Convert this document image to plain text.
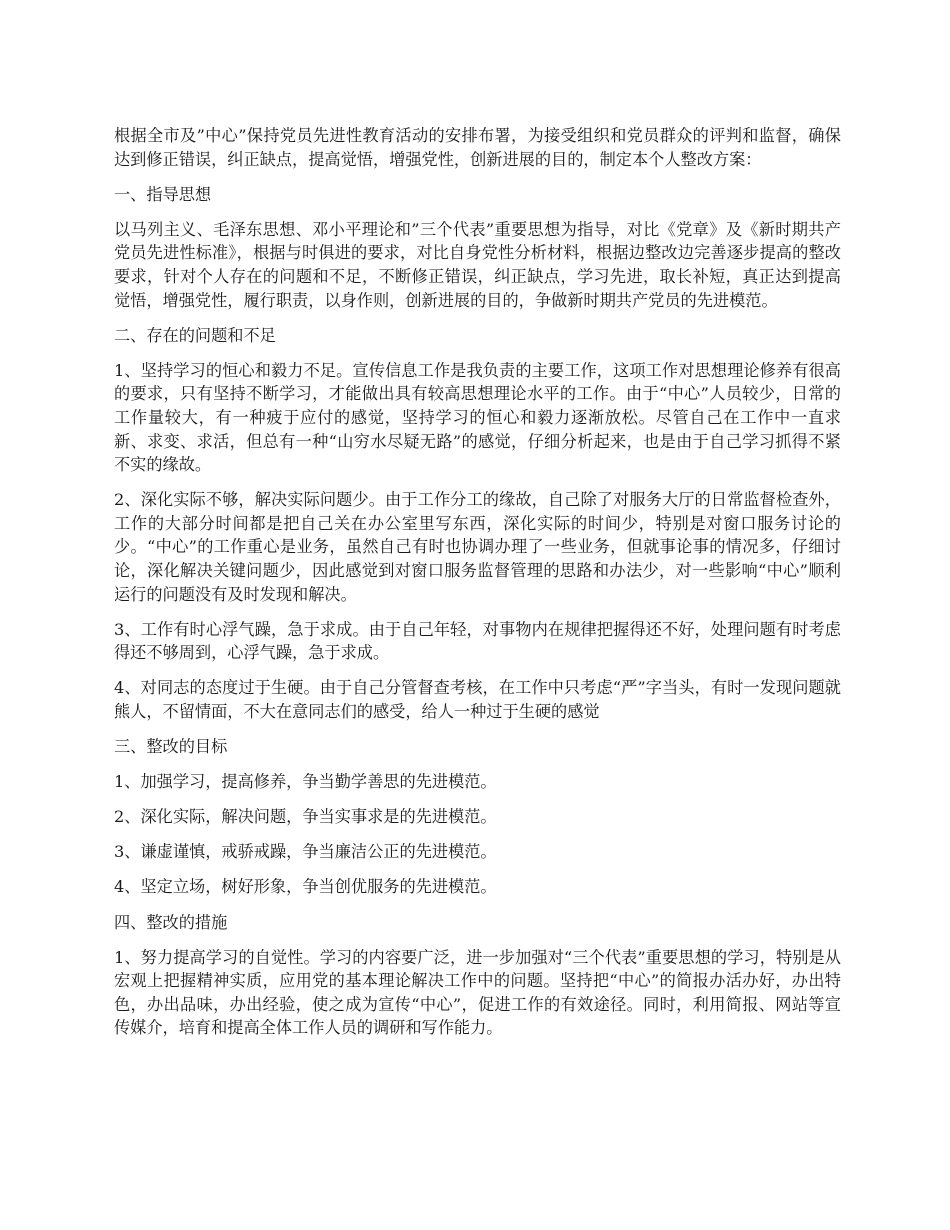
根据全市及”中心”保持党员先进性教育活动的安排布署，为接受组织和党员群众的评判和监督，确保达到修正错误，纠正缺点，提高觉悟，增强党性，创新进展的目的，制定本个人整改方案：

一、指导思想

以马列主义、毛泽东思想、邓小平理论和”三个代表”重要思想为指导，对比《党章》及《新时期共产党员先进性标准》，根据与时俱进的要求，对比自身党性分析材料，根据边整改边完善逐步提高的整改要求，针对个人存在的问题和不足，不断修正错误，纠正缺点，学习先进，取长补短，真正达到提高觉悟，增强党性，履行职责，以身作则，创新进展的目的，争做新时期共产党员的先进模范。

二、存在的问题和不足

1、坚持学习的恒心和毅力不足。宣传信息工作是我负责的主要工作，这项工作对思想理论修养有很高的要求，只有坚持不断学习，才能做出具有较高思想理论水平的工作。由于“中心”人员较少，日常的工作量较大，有一种疲于应付的感觉，坚持学习的恒心和毅力逐渐放松。尽管自己在工作中一直求新、求变、求活，但总有一种“山穷水尽疑无路”的感觉，仔细分析起来，也是由于自己学习抓得不紧不实的缘故。

2、深化实际不够，解决实际问题少。由于工作分工的缘故，自己除了对服务大厅的日常监督检查外，工作的大部分时间都是把自己关在办公室里写东西，深化实际的时间少，特别是对窗口服务讨论的少。“中心”的工作重心是业务，虽然自己有时也协调办理了一些业务，但就事论事的情况多，仔细讨论，深化解决关键问题少，因此感觉到对窗口服务监督管理的思路和办法少，对一些影响“中心”顺利运行的问题没有及时发现和解决。

3、工作有时心浮气躁，急于求成。由于自己年轻，对事物内在规律把握得还不好，处理问题有时考虑得还不够周到，心浮气躁，急于求成。

4、对同志的态度过于生硬。由于自己分管督查考核，在工作中只考虑“严”字当头，有时一发现问题就熊人，不留情面，不大在意同志们的感受，给人一种过于生硬的感觉

三、整改的目标

1、加强学习，提高修养，争当勤学善思的先进模范。

2、深化实际，解决问题，争当实事求是的先进模范。

3、谦虚谨慎，戒骄戒躁，争当廉洁公正的先进模范。

4、坚定立场，树好形象，争当创优服务的先进模范。

四、整改的措施

1、努力提高学习的自觉性。学习的内容要广泛，进一步加强对“三个代表”重要思想的学习，特别是从宏观上把握精神实质，应用党的基本理论解决工作中的问题。坚持把“中心”的简报办活办好，办出特色，办出品味，办出经验，使之成为宣传“中心”，促进工作的有效途径。同时，利用简报、网站等宣传媒介，培育和提高全体工作人员的调研和写作能力。
